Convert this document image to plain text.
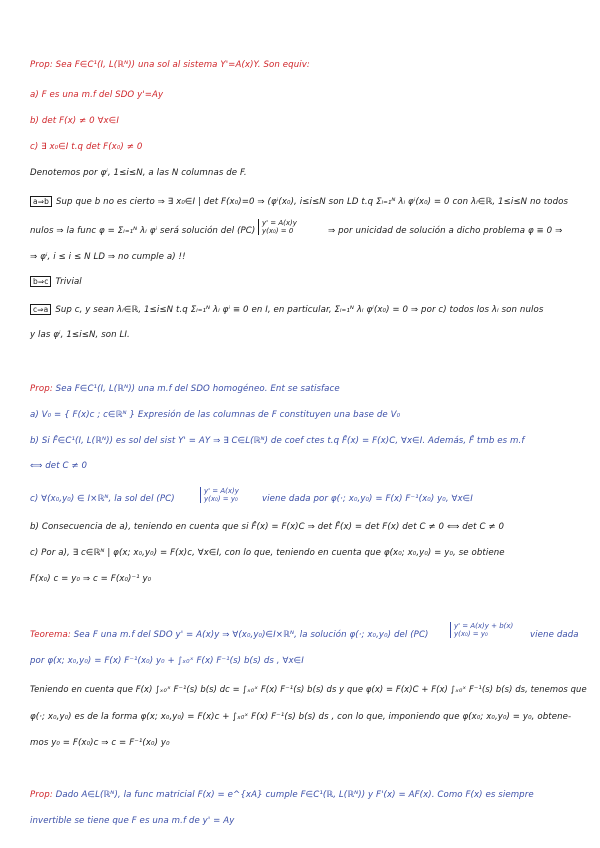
Prop: Sea F∈C¹(I, L(ℝᴺ)) una sol al sistema Y'=A(x)Y. Son equiv:
a) F es una m.f del SDO y'=Ay
b) det F(x) ≠ 0 ∀x∈I
c) ∃ x₀∈I t.q det F(x₀) ≠ 0
Denotemos por φⁱ, 1≤i≤N, a las N columnas de F.
a⇒b Sup que b no es cierto ⇒ ∃ x₀∈I | det F(x₀)=0 ⇒ (φⁱ(x₀), i≤i≤N son LD t.q Σᵢ₌₁ᴺ λᵢ φⁱ(x₀) = 0 con λᵢ∈ℝ, 1≤i≤N no todos
nulos ⇒ la func φ = Σᵢ₌₁ᴺ λᵢ φⁱ será solución del (PC)
y' = A(x)y
y(x₀) = 0	⇒ por unicidad de solución a dicho problema φ ≡ 0 ⇒
⇒ φⁱ, i ≤ i ≤ N LD ⇒ no cumple a) !!
b⇒c Trivial
c⇒a Sup c, y sean λᵢ∈ℝ, 1≤i≤N t.q Σᵢ₌₁ᴺ λᵢ φⁱ ≡ 0 en I, en particular, Σᵢ₌₁ᴺ λᵢ φⁱ(x₀) = 0 ⇒ por c) todos los λᵢ son nulos
y las φⁱ, 1≤i≤N, son LI.
Prop: Sea F∈C¹(I, L(ℝᴺ)) una m.f del SDO homogéneo. Ent se satisface
a) V₀ = { F(x)c ; c∈ℝᴺ } Expresión de las columnas de F constituyen una base de V₀
b) Si F̂∈C¹(I, L(ℝᴺ)) es sol del sist Y' = AY ⇒ ∃ C∈L(ℝᴺ) de coef ctes t.q F̂(x) = F(x)C, ∀x∈I. Además, F̂ tmb es m.f
⟺ det C ≠ 0
c) ∀(x₀,y₀) ∈ I×ℝᴺ, la sol del (PC)
y' = A(x)y
y(x₀) = y₀	viene dada por φ(·; x₀,y₀) = F(x) F⁻¹(x₀) y₀, ∀x∈I
b) Consecuencia de a), teniendo en cuenta que si F̂(x) = F(x)C ⇒ det F̂(x) = det F(x) det C ≠ 0 ⟺ det C ≠ 0
c) Por a), ∃ c∈ℝᴺ | φ(x; x₀,y₀) = F(x)c, ∀x∈I, con lo que, teniendo en cuenta que φ(x₀; x₀,y₀) = y₀, se obtiene
F(x₀) c = y₀ ⇒ c = F(x₀)⁻¹ y₀
Teorema: Sea F una m.f del SDO y' = A(x)y ⇒ ∀(x₀,y₀)∈I×ℝᴺ, la solución φ(·; x₀,y₀) del (PC)
y' = A(x)y + b(x)
y(x₀) = y₀	viene dada
por φ(x; x₀,y₀) = F(x) F⁻¹(x₀) y₀ + ∫ₓ₀ˣ F(x) F⁻¹(s) b(s) ds , ∀x∈I
Teniendo en cuenta que F(x) ∫ₓ₀ˣ F⁻¹(s) b(s) dc = ∫ₓ₀ˣ F(x) F⁻¹(s) b(s) ds y que φ(x) = F(x)C + F(x) ∫ₓ₀ˣ F⁻¹(s) b(s) ds, tenemos que
φ(·; x₀,y₀) es de la forma φ(x; x₀,y₀) = F(x)c + ∫ₓ₀ˣ F(x) F⁻¹(s) b(s) ds , con lo que, imponiendo que φ(x₀; x₀,y₀) = y₀, obtene-
mos y₀ = F(x₀)c ⇒ c = F⁻¹(x₀) y₀
Prop: Dado A∈L(ℝᴺ), la func matricial F(x) = e^{xA} cumple F∈C¹(ℝ, L(ℝᴺ)) y F'(x) = AF(x). Como F(x) es siempre
invertible se tiene que F es una m.f de y' = Ay
